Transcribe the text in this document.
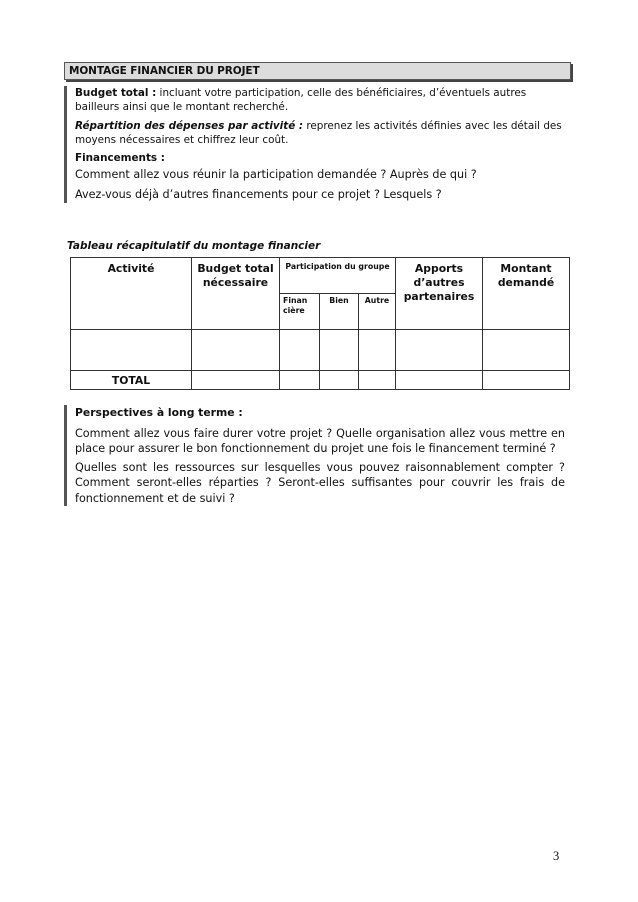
MONTAGE FINANCIER DU PROJET

Budget total : incluant votre participation, celle des bénéficiaires, d’éventuels autres bailleurs ainsi que le montant recherché.

Répartition des dépenses par activité : reprenez les activités définies avec les détail des moyens nécessaires et chiffrez leur coût.

Financements :

Comment allez vous réunir la participation demandée ? Auprès de qui ?

Avez-vous déjà d’autres financements pour ce projet ? Lesquels ?

Tableau récapitulatif du montage financier

Activité	Budget total nécessaire	Participation du groupe			Apports d’autres partenaires	Montant demandé
		Finan cière	Bien	Autre		

TOTAL						

Perspectives à long terme :

Comment allez vous faire durer votre projet ? Quelle organisation allez vous mettre en place pour assurer le bon fonctionnement du projet une fois le financement terminé ?

Quelles sont les ressources sur lesquelles vous pouvez raisonnablement compter ? Comment seront-elles réparties ? Seront-elles suffisantes pour couvrir les frais de fonctionnement et de suivi ?

3
